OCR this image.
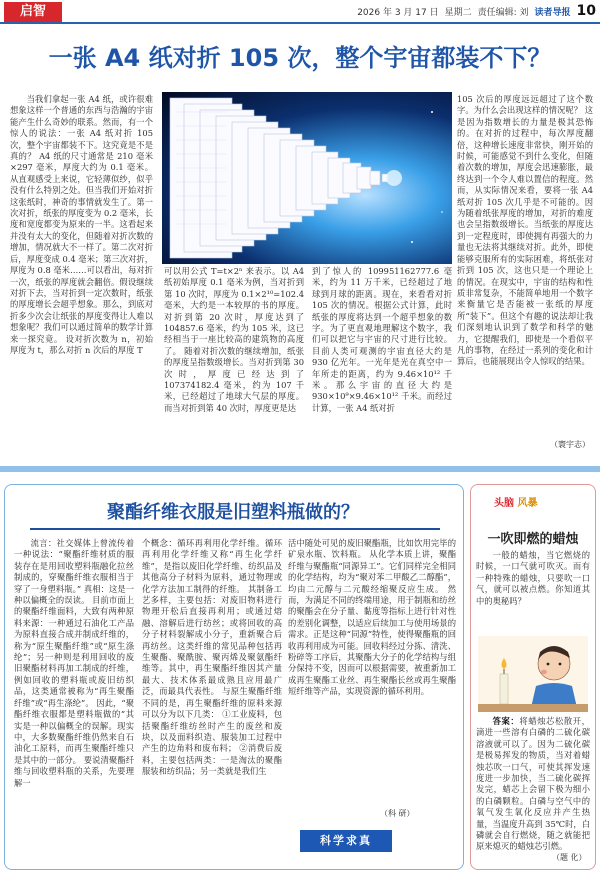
启智	2026 年 3 月 17 日 星期二 责任编辑: 刘 读者导报 10
一张 A4 纸对折 105 次，整个宇宙都装不下？

当我们拿起一张 A4 纸，或许很难想象这样一个普通的东西与浩瀚的宇宙能产生什么奇妙的联系。然而，有一个惊人的说法：一张 A4 纸对折 105 次，整个宇宙都装不下。这究竟是不是真的？ A4 纸的尺寸通常是 210 毫米×297 毫米，厚度大约为 0.1 毫米。从直观感受上来说，它轻薄似纱，似乎没有什么特别之处。但当我们开始对折这张纸时，神奇的事情就发生了。第一次对折，纸张的厚度变为 0.2 毫米，长度和宽度都变为原来的一半。这看起来并没有太大的变化，但随着对折次数的增加，情况就大不一样了。第二次对折后，厚度变成 0.4 毫米；第三次对折，厚度为 0.8 毫米……可以看出，每对折一次，纸张的厚度就会翻倍。假设继续对折下去，当对折到一定次数时，纸张的厚度增长会超乎想象。那么，到底对折多少次会让纸张的厚度变得让人难以想象呢？我们可以通过简单的数学计算来一探究竟。 设对折次数为 n，初始厚度为 t，那么对折 n 次后的厚度 T

可以用公式 T=t×2ⁿ 来表示。以 A4 纸初始厚度 0.1 毫米为例，当对折到第 10 次时，厚度为 0.1×2¹⁰=102.4 毫米，大约是一本较厚的书的厚度。对折到第 20 次时，厚度达到了 104857.6 毫米，约为 105 米，这已经相当于一座比较高的建筑物的高度了。 随着对折次数的继续增加，纸张的厚度呈指数级增长。当对折到第 30 次时，厚度已经达到了 107374182.4 毫米，约为 107 千米，已经超过了地球大气层的厚度。而当对折到第 40 次时，厚度更是达

到了惊人的 109951162777.6 毫米，约为 11 万千米，已经超过了地球到月球的距离。现在，来看看对折 105 次的情况。根据公式计算，此时纸张的厚度将达到一个超乎想象的数字。为了更直观地理解这个数字，我们可以把它与宇宙的尺寸进行比较。 目前人类可观测的宇宙直径大约是 930 亿光年。一光年是光在真空中一年所走的距离，约为 9.46×10¹² 千米。那么宇宙的直径大约是 930×10⁹×9.46×10¹² 千米。而经过计算，一张 A4 纸对折

105 次后的厚度远远超过了这个数字。为什么会出现这样的情况呢？ 这是因为指数增长的力量是极其恐怖的。在对折的过程中，每次厚度翻倍，这种增长速度非常快，刚开始的时候，可能感觉不到什么变化，但随着次数的增加，厚度会迅速膨胀，最终达到一个令人难以置信的程度。然而，从实际情况来看，要将一张 A4 纸对折 105 次几乎是不可能的。因为随着纸张厚度的增加，对折的难度也会呈指数级增长。当纸张的厚度达到一定程度时，即使拥有再强大的力量也无法将其继续对折。此外，即使能够克服所有的实际困难，将纸张对折到 105 次，这也只是一个理论上的情况。在现实中，宇宙的结构和性质非常复杂，不能简单地用一个数字来衡量它是否能被一张纸的厚度所“装下”。但这个有趣的说法却让我们深刻地认识到了数学和科学的魅力，它提醒我们，即使是一个看似平凡的事物，在经过一系列的变化和计算后，也能展现出令人惊叹的结果。

（寰宇志）
聚酯纤维衣服是旧塑料瓶做的？

流言：社交媒体上曾流传着一种说法：“聚酯纤维材质的服装存在是用回收塑料瓶融化拉丝制成的，穿聚酯纤维衣服相当于穿了一身塑料瓶。” 真相：这是一种以偏概全的误读。 目前市面上的聚酯纤维面料，大致有两种原料来源：一种通过石油化工产品为原料直接合成并制成纤维的，称为“原生聚酯纤维”或“原生涤纶”；另一种则是利用回收的废旧聚酯材料再加工制成的纤维，例如回收的塑料瓶或废旧纺织品，这类通常被称为“再生聚酯纤维”或“再生涤纶”。 因此，“聚酯纤维衣服都是塑料瓶做的”其实是一种以偏概全的误解。现实中，大多数聚酯纤维仍然来自石油化工原料，而再生聚酯纤维只是其中的一部分。 要说清聚酯纤维与回收塑料瓶的关系，先要理解一

个概念：循环再利用化学纤维。循环再利用化学纤维又称“再生化学纤维”，是指以废旧化学纤维、纺织品及其他高分子材料为原料，通过物理或化学方法加工制得的纤维。 其制备工艺多样，主要包括：对废旧物料进行物理开松后直接再利用；或通过熔融、溶解后进行纺丝；或将回收的高分子材料裂解成小分子，重新聚合后再纺丝。这类纤维的常见品种包括再生聚酯、聚酰胺、聚丙烯及聚氨酯纤维等。其中，再生聚酯纤维因其产量最大、技术体系最成熟且应用最广泛，而最具代表性。 与原生聚酯纤维不同的是，再生聚酯纤维的原料来源可以分为以下几类： ①工业废料，包括聚酯纤维纺丝时产生的废丝和废块，以及面料织造、服装加工过程中产生的边角料和废布料； ②消费后废料，主要包括两类：一是淘汰的聚酯服装和纺织品；另一类就是我们生

活中随处可见的废旧聚酯瓶，比如饮用完毕的矿泉水瓶、饮料瓶。 从化学本质上讲，聚酯纤维与聚酯瓶“同源异工”。它们同样完全相同的化学结构，均为“聚对苯二甲酸乙二醇酯”，均由二元醇与二元酸经缩聚反应生成。 然而，为满足不同的终端用途，用于制瓶和纺丝的聚酯会在分子量、黏度等指标上进行针对性的差别化调整，以适应后续加工与使用场景的需求。正是这种“同源”特性，使得聚酯瓶的回收再利用成为可能。回收料经过分拣、清洗、粉碎等工序后，其聚酯大分子的化学结构与组分保持不变，因而可以根据需要，被重新加工成再生聚酯工业丝、再生聚酯长丝或再生聚酯短纤维等产品，实现资源的循环利用。

（科 研）
科学求真
头脑 风暴
一吹即燃的蜡烛

一般的蜡烛，当它燃烧的时候，一口气就可吹灭。而有一种特殊的蜡烛，只要吹一口气，就可以被点燃。你知道其中的奥秘吗？

答案：将蜡烛芯松散开，滴进一些溶有白磷的二硫化碳溶液就可以了。因为二硫化碳是极易挥发的物质，当对着蜡烛芯吹一口气，可使其挥发速度进一步加快，当二硫化碳挥发完，蜡芯上会留下极为细小的白磷颗粒。白磷与空气中的氧气发生氧化反应并产生热量，当温度升高到 35℃时，白磷就会自行燃烧，随之就能把原来熄灭的蜡烛芯引燃。

（题 化）
